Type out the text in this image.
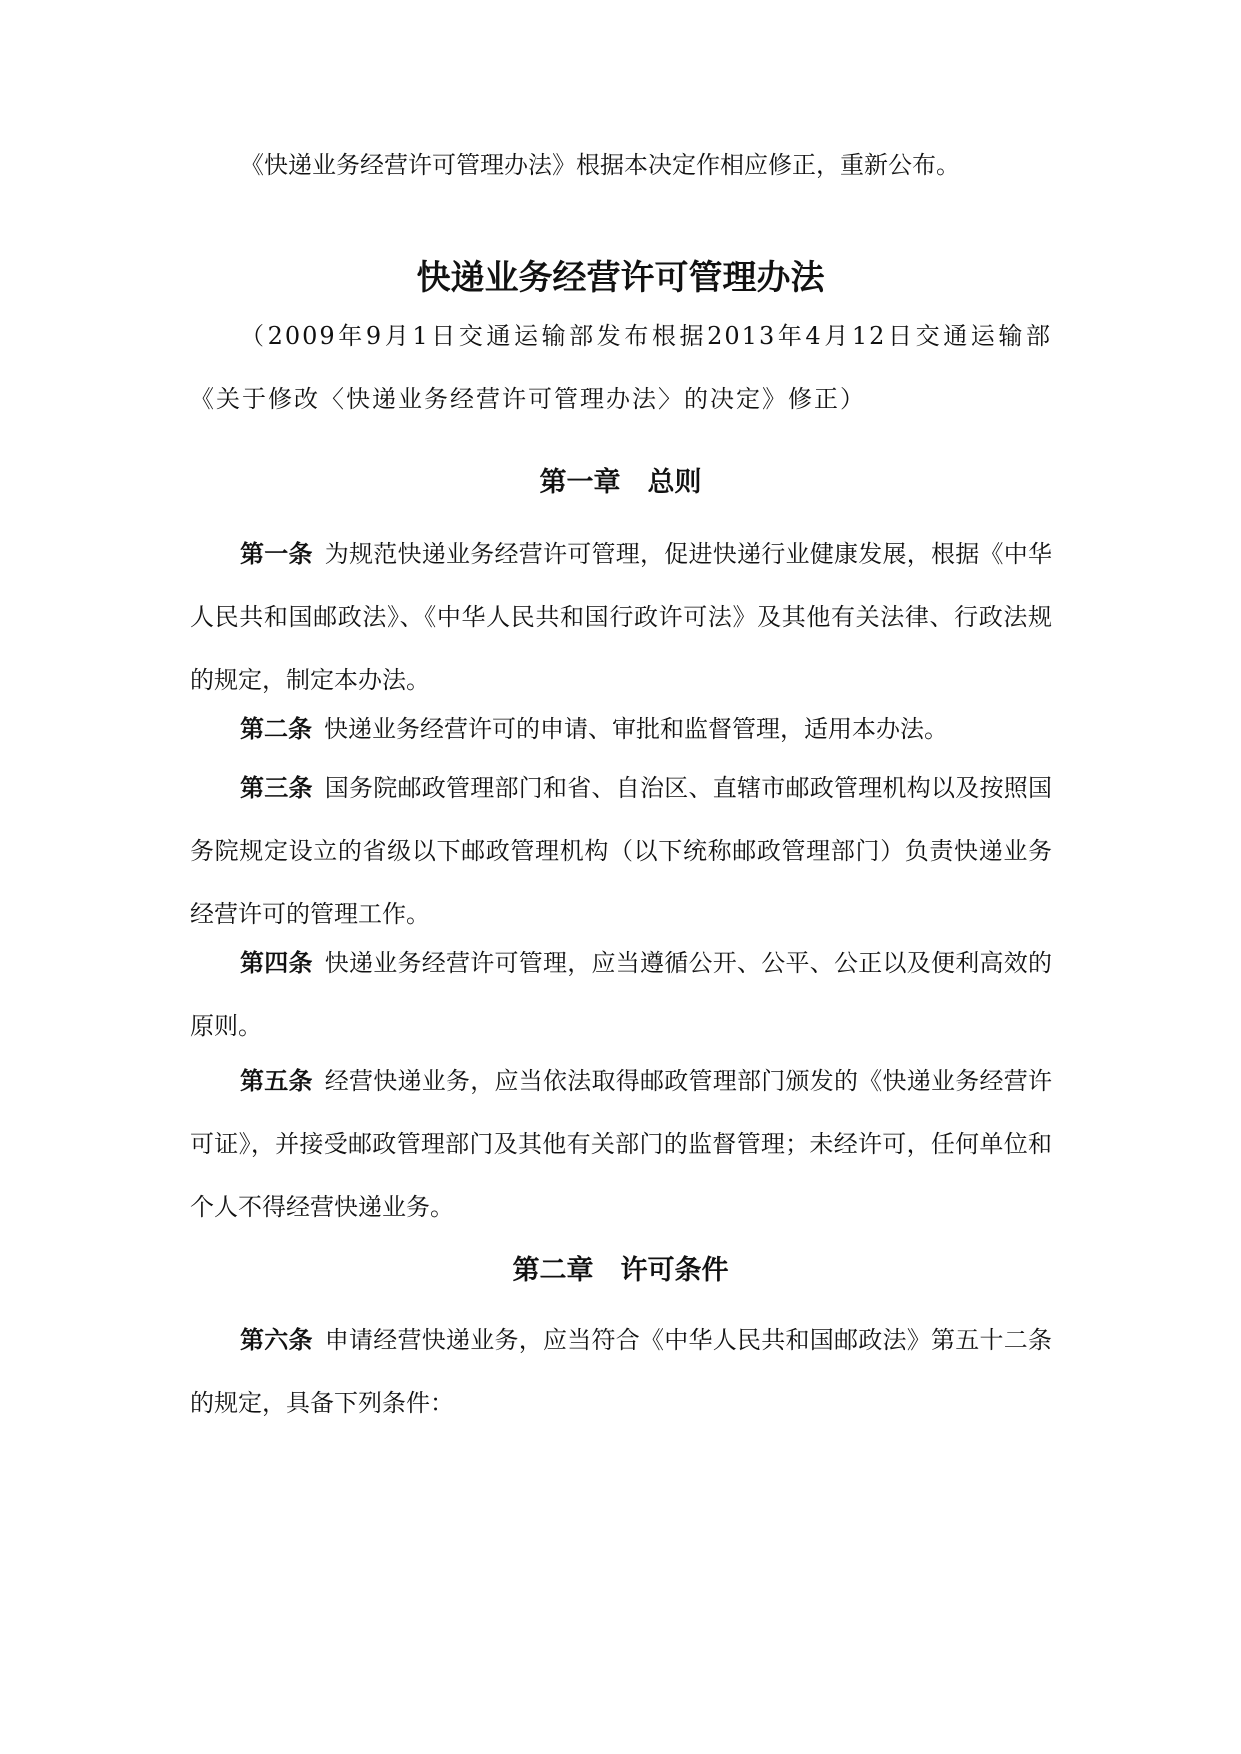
《快递业务经营许可管理办法》根据本决定作相应修正，重新公布。

快递业务经营许可管理办法

（2009年9月1日交通运输部发布根据2013年4月12日交通运输部《关于修改〈快递业务经营许可管理办法〉的决定》修正）

第一章　总则

第一条 为规范快递业务经营许可管理，促进快递行业健康发展，根据《中华人民共和国邮政法》、《中华人民共和国行政许可法》及其他有关法律、行政法规的规定，制定本办法。

第二条 快递业务经营许可的申请、审批和监督管理，适用本办法。

第三条 国务院邮政管理部门和省、自治区、直辖市邮政管理机构以及按照国务院规定设立的省级以下邮政管理机构（以下统称邮政管理部门）负责快递业务经营许可的管理工作。

第四条 快递业务经营许可管理，应当遵循公开、公平、公正以及便利高效的原则。

第五条 经营快递业务，应当依法取得邮政管理部门颁发的《快递业务经营许可证》，并接受邮政管理部门及其他有关部门的监督管理；未经许可，任何单位和个人不得经营快递业务。

第二章　许可条件

第六条 申请经营快递业务，应当符合《中华人民共和国邮政法》第五十二条的规定，具备下列条件：
